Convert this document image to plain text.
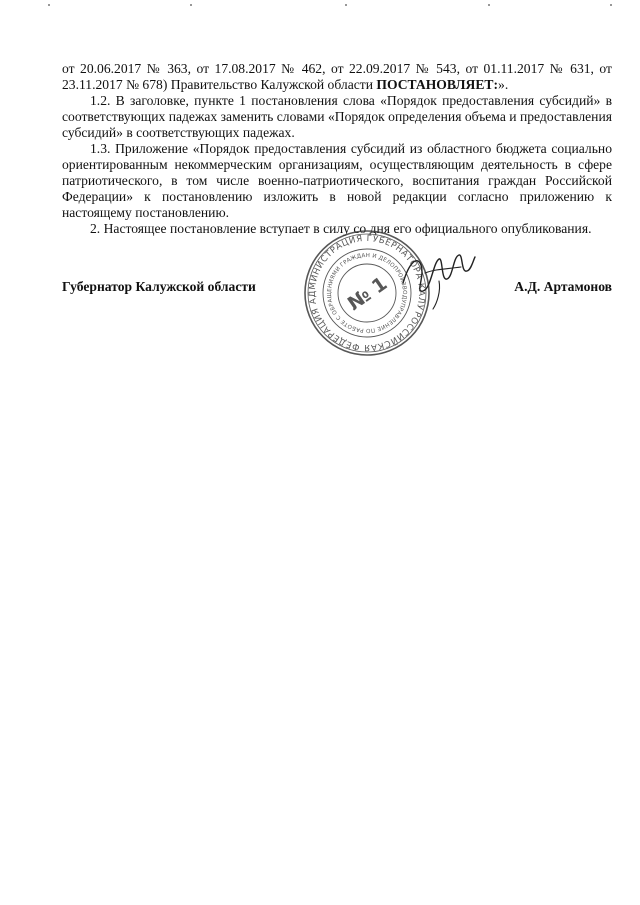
от 20.06.2017 № 363, от 17.08.2017 № 462, от 22.09.2017 № 543, от 01.11.2017 № 631, от 23.11.2017 № 678) Правительство Калужской области ПОСТАНОВЛЯЕТ:».

1.2. В заголовке, пункте 1 постановления слова «Порядок предоставления субсидий» в соответствующих падежах заменить словами «Порядок определения объема и предоставления субсидий» в соответствующих падежах.

1.3. Приложение «Порядок предоставления субсидий из областного бюджета социально ориентированным некоммерческим организациям, осуществляющим деятельность в сфере патриотического, в том числе военно-патриотического, воспитания граждан Российской Федерации» к постановлению изложить в новой редакции согласно приложению к настоящему постановлению.

2. Настоящее постановление вступает в силу со дня его официального опубликования.

Губернатор Калужской области	А.Д. Артамонов
РОССИЙСКАЯ ФЕДЕРАЦИЯ АДМИНИСТРАЦИЯ ГУБЕРНАТОРА КАЛУЖСКОЙ
УПРАВЛЕНИЕ ПО РАБОТЕ С ОБРАЩЕНИЯМИ ГРАЖДАН И ДЕЛОПРОИЗВОДСТВУ
№ 1
